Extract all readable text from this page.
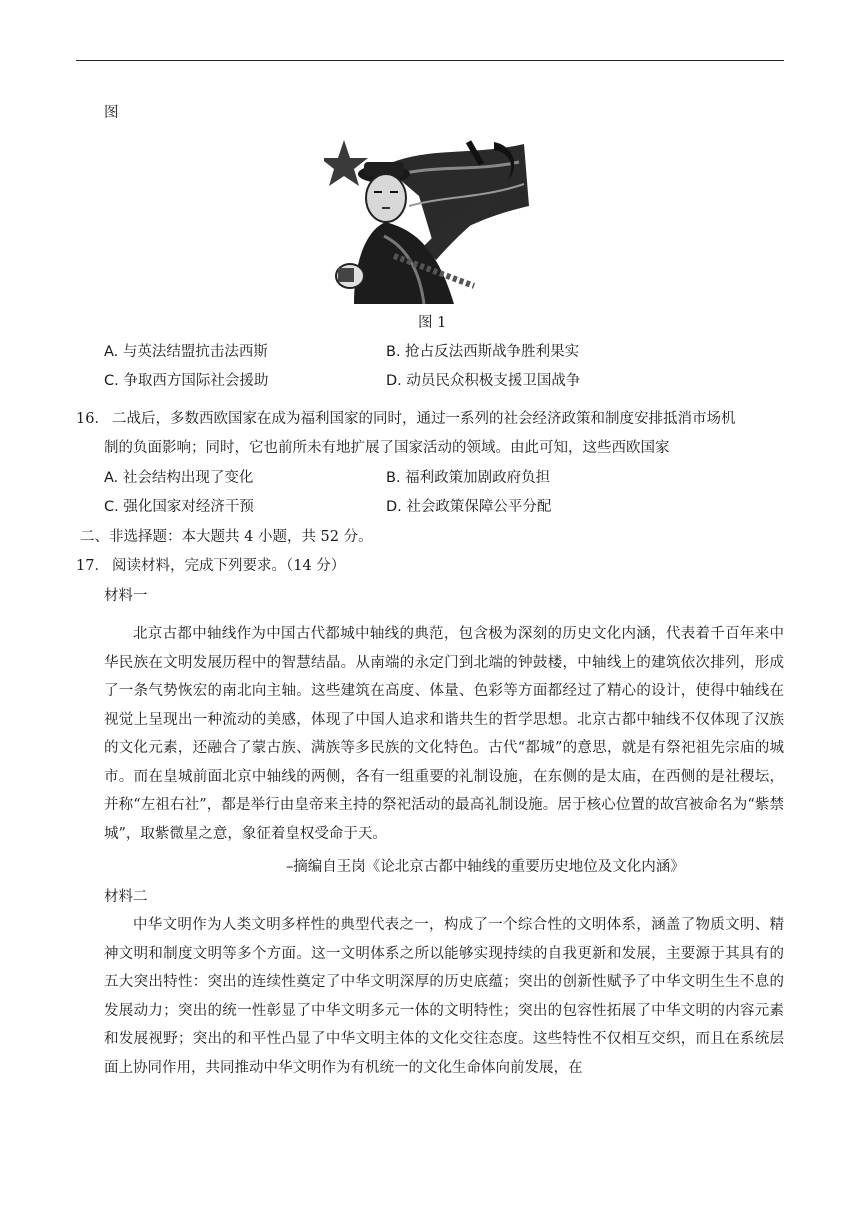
图
图 1
A. 与英法结盟抗击法西斯	B. 抢占反法西斯战争胜利果实
C. 争取西方国际社会援助	D. 动员民众积极支援卫国战争
16． 二战后，多数西欧国家在成为福利国家的同时，通过一系列的社会经济政策和制度安排抵消市场机
制的负面影响；同时，它也前所未有地扩展了国家活动的领域。由此可知，这些西欧国家
A. 社会结构出现了变化	B. 福利政策加剧政府负担
C. 强化国家对经济干预	D. 社会政策保障公平分配
二、非选择题：本大题共 4 小题，共 52 分。
17． 阅读材料，完成下列要求。（14 分）
材料一
北京古都中轴线作为中国古代都城中轴线的典范，包含极为深刻的历史文化内涵，代表着千百年来中华民族在文明发展历程中的智慧结晶。从南端的永定门到北端的钟鼓楼，中轴线上的建筑依次排列，形成了一条气势恢宏的南北向主轴。这些建筑在高度、体量、色彩等方面都经过了精心的设计，使得中轴线在视觉上呈现出一种流动的美感，体现了中国人追求和谐共生的哲学思想。北京古都中轴线不仅体现了汉族的文化元素，还融合了蒙古族、满族等多民族的文化特色。古代“都城”的意思，就是有祭祀祖先宗庙的城市。而在皇城前面北京中轴线的两侧，各有一组重要的礼制设施，在东侧的是太庙，在西侧的是社稷坛，并称“左祖右社”，都是举行由皇帝来主持的祭祀活动的最高礼制设施。居于核心位置的故宫被命名为“紫禁城”，取紫微星之意，象征着皇权受命于天。
–摘编自王岗《论北京古都中轴线的重要历史地位及文化内涵》
材料二
中华文明作为人类文明多样性的典型代表之一，构成了一个综合性的文明体系，涵盖了物质文明、精神文明和制度文明等多个方面。这一文明体系之所以能够实现持续的自我更新和发展，主要源于其具有的五大突出特性：突出的连续性奠定了中华文明深厚的历史底蕴；突出的创新性赋予了中华文明生生不息的发展动力；突出的统一性彰显了中华文明多元一体的文明特性；突出的包容性拓展了中华文明的内容元素和发展视野；突出的和平性凸显了中华文明主体的文化交往态度。这些特性不仅相互交织，而且在系统层面上协同作用，共同推动中华文明作为有机统一的文化生命体向前发展，在
